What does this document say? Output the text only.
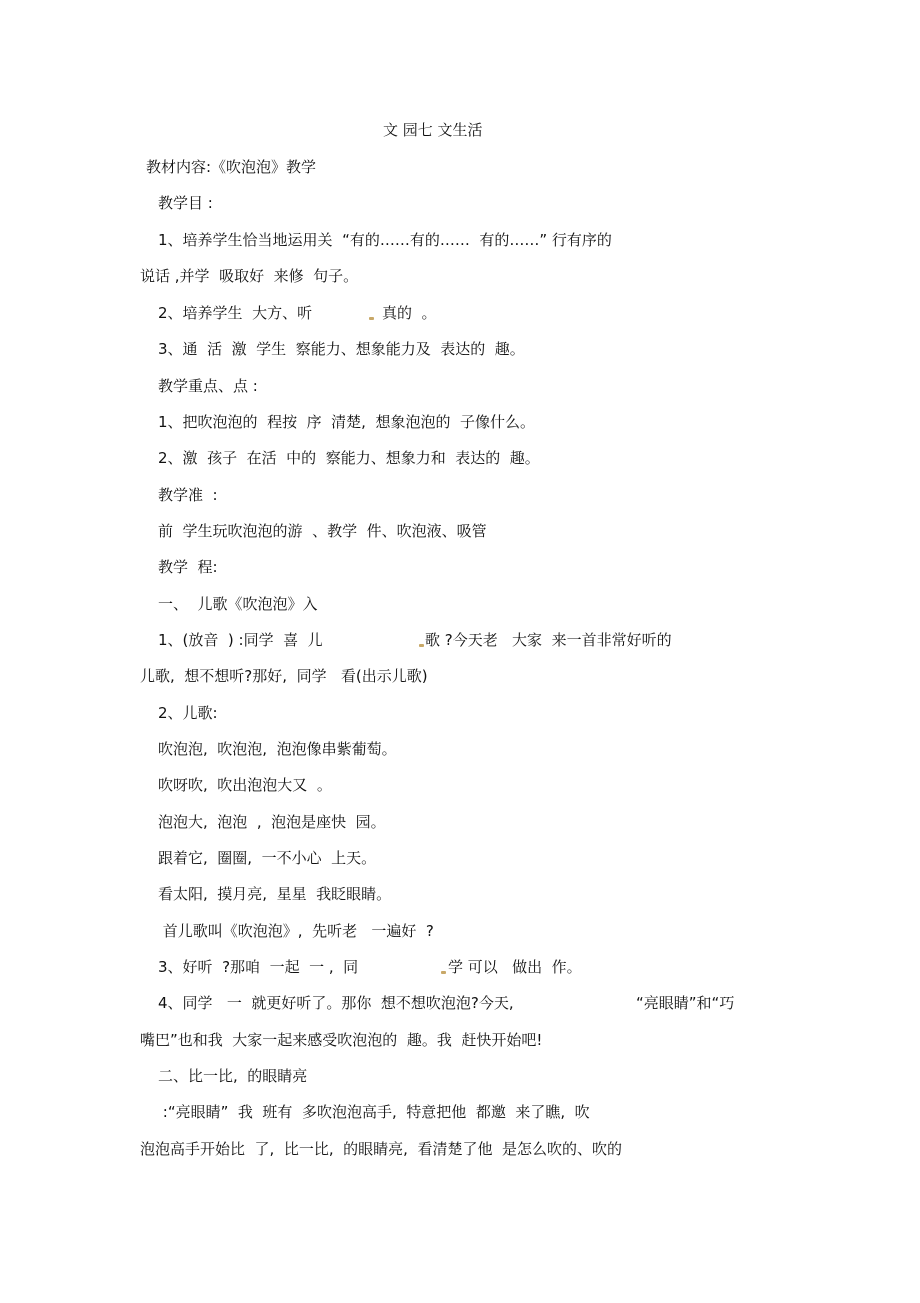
文 园七 文生活
教材内容:《吹泡泡》教学
教学目 :
1、培养学生恰当地运用关  “有的……有的……  有的……” 行有序的
说话 ,并学  吸取好  来修  句子。
2、培养学生  大方、听	真的  。
3、通  活  激  学生  察能力、想象能力及  表达的  趣。
教学重点、点 :
1、把吹泡泡的  程按  序  清楚,  想象泡泡的  子像什么。
2、激  孩子  在活  中的  察能力、想象力和  表达的  趣。
教学准  :
前  学生玩吹泡泡的游  、教学  件、吹泡液、吸管
教学  程:
一、  儿歌《吹泡泡》入
1、(放音  ) :同学  喜  儿	歌 ?今天老   大家  来一首非常好听的
儿歌,  想不想听?那好,  同学   看(出示儿歌)
2、儿歌:
吹泡泡,  吹泡泡,  泡泡像串紫葡萄。
吹呀吹,  吹出泡泡大又  。
泡泡大,  泡泡  ,  泡泡是座快  园。
跟着它,  圈圈,  一不小心  上天。
看太阳,  摸月亮,  星星  我眨眼睛。
首儿歌叫《吹泡泡》,  先听老   一遍好  ?
3、好听  ?那咱  一起  一 ,  同	学 可以   做出  作。
4、同学   一  就更好听了。那你  想不想吹泡泡?今天,	“亮眼睛”和“巧
嘴巴”也和我  大家一起来感受吹泡泡的  趣。我  赶快开始吧!
二、比一比,  的眼睛亮
:“亮眼睛”  我  班有  多吹泡泡高手,  特意把他  都邀  来了瞧,  吹
泡泡高手开始比  了,  比一比,  的眼睛亮,  看清楚了他  是怎么吹的、吹的
